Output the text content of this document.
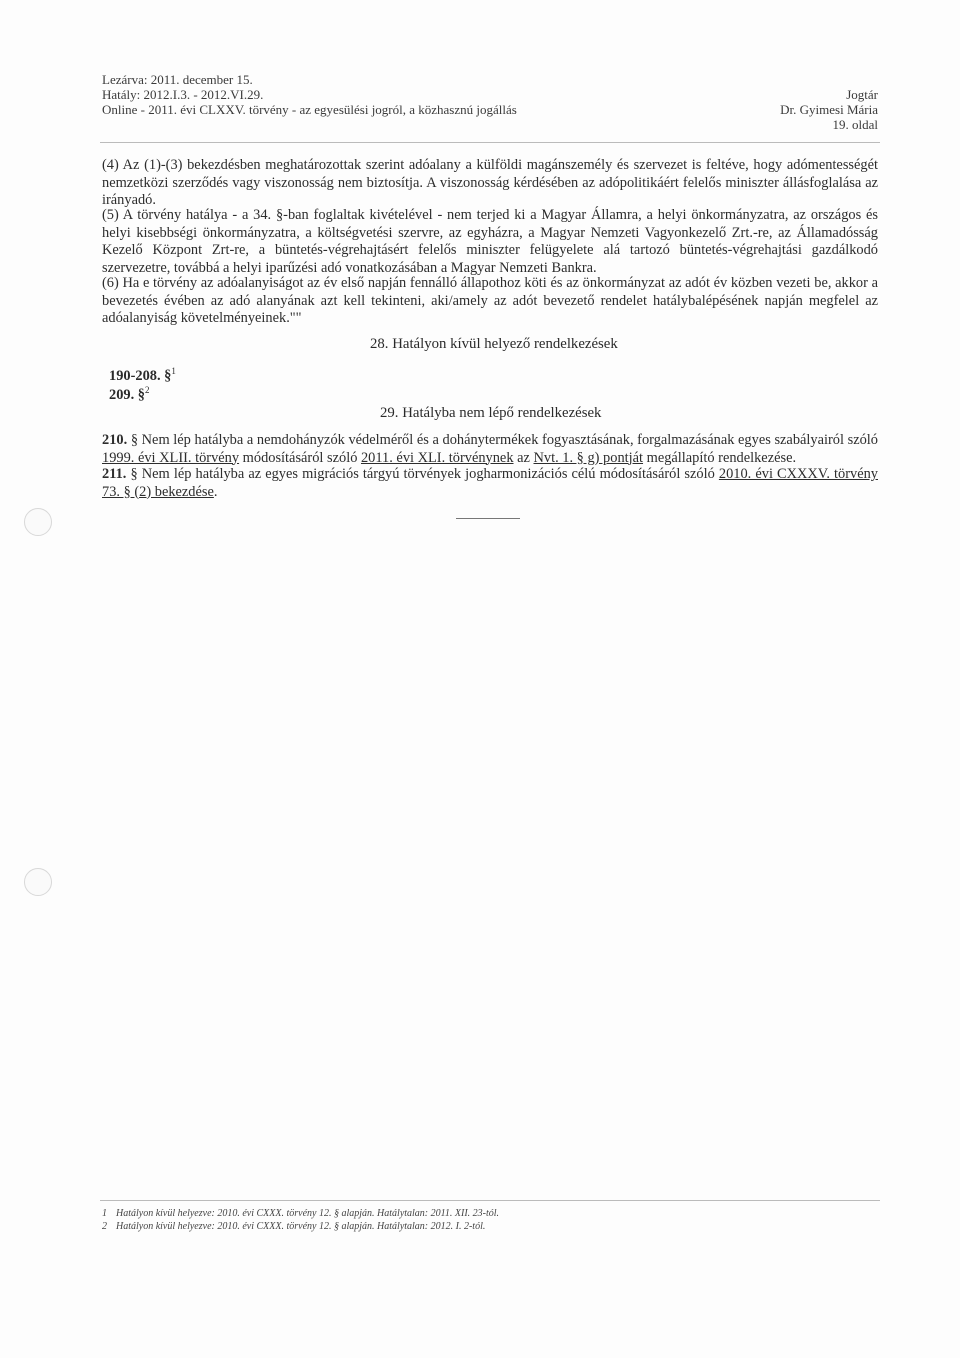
Lezárva: 2011. december 15.
Hatály: 2012.I.3. - 2012.VI.29.
Online - 2011. évi CLXXV. törvény - az egyesülési jogról, a közhasznú jogállás
Jogtár
Dr. Gyimesi Mária
19. oldal
(4) Az (1)-(3) bekezdésben meghatározottak szerint adóalany a külföldi magánszemély és szervezet is feltéve, hogy adómentességét nemzetközi szerződés vagy viszonosság nem biztosítja. A viszonosság kérdésében az adópolitikáért felelős miniszter állásfoglalása az irányadó.
(5) A törvény hatálya - a 34. §-ban foglaltak kivételével - nem terjed ki a Magyar Államra, a helyi önkormányzatra, az országos és helyi kisebbségi önkormányzatra, a költségvetési szervre, az egyházra, a Magyar Nemzeti Vagyonkezelő Zrt.-re, az Államadósság Kezelő Központ Zrt-re, a büntetés-végrehajtásért felelős miniszter felügyelete alá tartozó büntetés-végrehajtási gazdálkodó szervezetre, továbbá a helyi iparűzési adó vonatkozásában a Magyar Nemzeti Bankra.
(6) Ha e törvény az adóalanyiságot az év első napján fennálló állapothoz köti és az önkormányzat az adót év közben vezeti be, akkor a bevezetés évében az adó alanyának azt kell tekinteni, aki/amely az adót bevezető rendelet hatálybalépésének napján megfelel az adóalanyiság követelményeinek.""
28. Hatályon kívül helyező rendelkezések
190-208. §$^1$
209. §$^2$
29. Hatályba nem lépő rendelkezések
210. § Nem lép hatályba a nemdohányzók védelméről és a dohánytermékek fogyasztásának, forgalmazásának egyes szabályairól szóló 1999. évi XLII. törvény módosításáról szóló 2011. évi XLI. törvénynek az Nvt. 1. § g) pontját megállapító rendelkezése.
211. § Nem lép hatályba az egyes migrációs tárgyú törvények jogharmonizációs célú módosításáról szóló 2010. évi CXXXV. törvény 73. § (2) bekezdése.
1 Hatályon kívül helyezve: 2010. évi CXXX. törvény 12. § alapján. Hatálytalan: 2011. XII. 23-tól.
2 Hatályon kívül helyezve: 2010. évi CXXX. törvény 12. § alapján. Hatálytalan: 2012. I. 2-tól.
